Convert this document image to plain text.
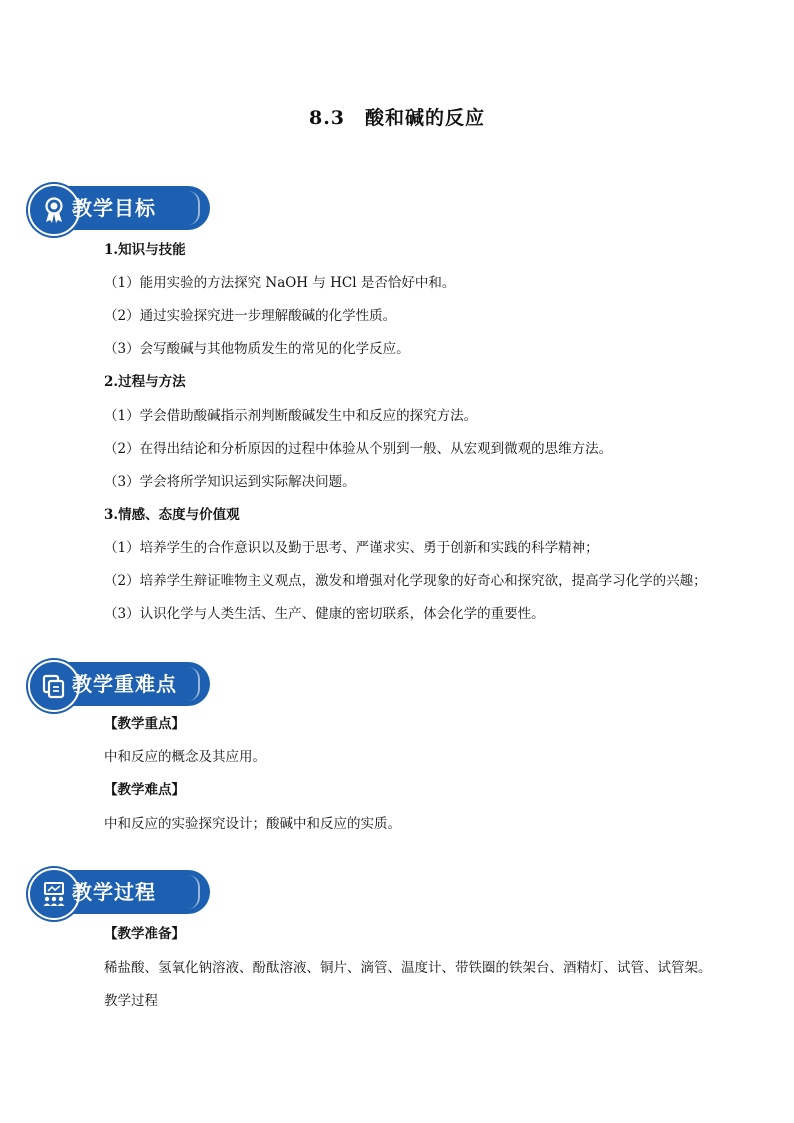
8.3　酸和碱的反应
教学目标
1.知识与技能
（1）能用实验的方法探究 NaOH 与 HCl 是否恰好中和。
（2）通过实验探究进一步理解酸碱的化学性质。
（3）会写酸碱与其他物质发生的常见的化学反应。
2.过程与方法
（1）学会借助酸碱指示剂判断酸碱发生中和反应的探究方法。
（2）在得出结论和分析原因的过程中体验从个别到一般、从宏观到微观的思维方法。
（3）学会将所学知识运到实际解决问题。
3.情感、态度与价值观
（1）培养学生的合作意识以及勤于思考、严谨求实、勇于创新和实践的科学精神；
（2）培养学生辩证唯物主义观点，激发和增强对化学现象的好奇心和探究欲，提高学习化学的兴趣；
（3）认识化学与人类生活、生产、健康的密切联系，体会化学的重要性。
教学重难点
【教学重点】
中和反应的概念及其应用。
【教学难点】
中和反应的实验探究设计；酸碱中和反应的实质。
教学过程
【教学准备】
稀盐酸、氢氧化钠溶液、酚酞溶液、铜片、滴管、温度计、带铁圈的铁架台、酒精灯、试管、试管架。
教学过程
